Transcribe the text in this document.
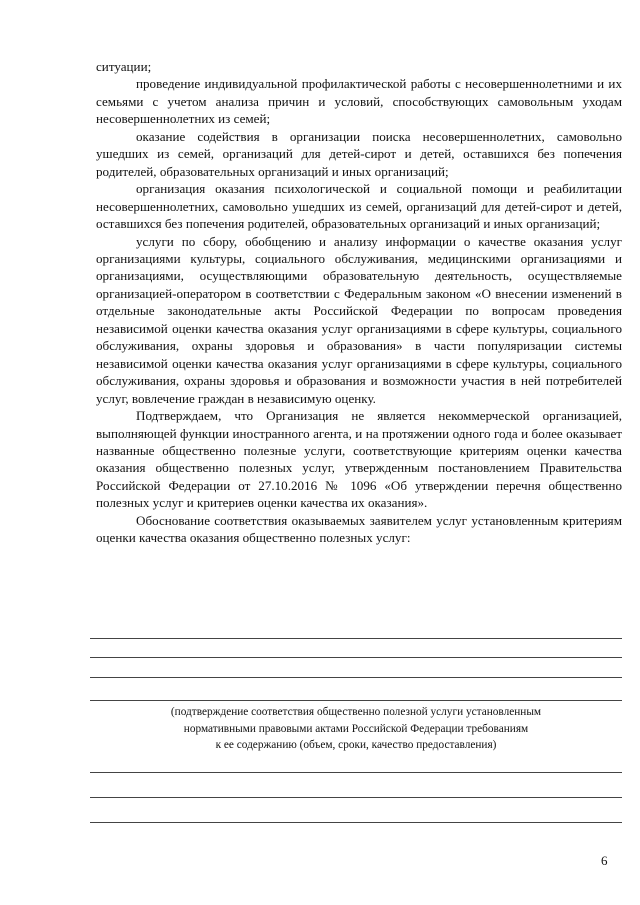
ситуации;

проведение индивидуальной профилактической работы с несовершеннолетними и их семьями с учетом анализа причин и условий, способствующих самовольным уходам несовершеннолетних из семей;

оказание содействия в организации поиска несовершеннолетних, самовольно ушедших из семей, организаций для детей-сирот и детей, оставшихся без попечения родителей, образовательных организаций и иных организаций;

организация оказания психологической и социальной помощи и реабилитации несовершеннолетних, самовольно ушедших из семей, организаций для детей-сирот и детей, оставшихся без попечения родителей, образовательных организаций и иных организаций;

услуги по сбору, обобщению и анализу информации о качестве оказания услуг организациями культуры, социального обслуживания, медицинскими организациями и организациями, осуществляющими образовательную деятельность, осуществляемые организацией-оператором в соответствии с Федеральным законом «О внесении изменений в отдельные законодательные акты Российской Федерации по вопросам проведения независимой оценки качества оказания услуг организациями в сфере культуры, социального обслуживания, охраны здоровья и образования» в части популяризации системы независимой оценки качества оказания услуг организациями в сфере культуры, социального обслуживания, охраны здоровья и образования и возможности участия в ней потребителей услуг, вовлечение граждан в независимую оценку.

Подтверждаем, что Организация не является некоммерческой организацией, выполняющей функции иностранного агента, и на протяжении одного года и более оказывает названные общественно полезные услуги, соответствующие критериям оценки качества оказания общественно полезных услуг, утвержденным постановлением Правительства Российской Федерации от 27.10.2016 № 1096 «Об утверждении перечня общественно полезных услуг и критериев оценки качества их оказания».

Обоснование соответствия оказываемых заявителем услуг установленным критериям оценки качества оказания общественно полезных услуг:

(подтверждение соответствия общественно полезной услуги установленным
нормативными правовыми актами Российской Федерации требованиям
к ее содержанию (объем, сроки, качество предоставления)
6
